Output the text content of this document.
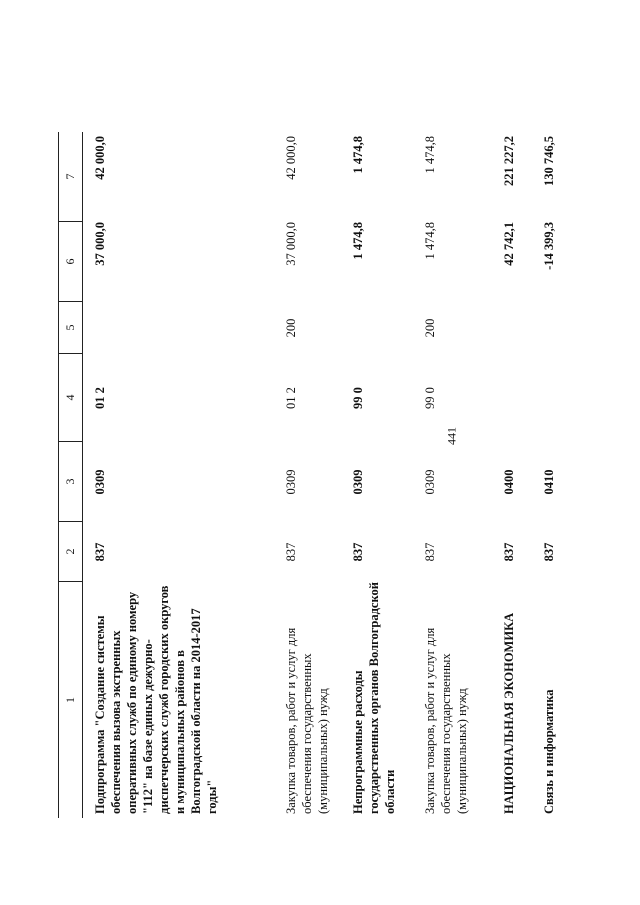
441
1
2
3
4
5
6
7
Подпрограмма "Создание системы обеспечения вызова экстренных оперативных служб по единому номеру "112" на базе единых дежурно-диспетчерских служб городских округов и муниципальных районов в Волгоградской области на 2014-2017 годы"
837
0309
01 2
37 000,0
42 000,0
Закупка товаров, работ и услуг для обеспечения государственных (муниципальных) нужд
837
0309
01 2
200
37 000,0
42 000,0
Непрограммные расходы государственных органов Волгоградской области
837
0309
99 0
1 474,8
1 474,8
Закупка товаров, работ и услуг для обеспечения государственных (муниципальных) нужд
837
0309
99 0
200
1 474,8
1 474,8
НАЦИОНАЛЬНАЯ ЭКОНОМИКА
837
0400
42 742,1
221 227,2
Связь и информатика
837
0410
-14 399,3
130 746,5
